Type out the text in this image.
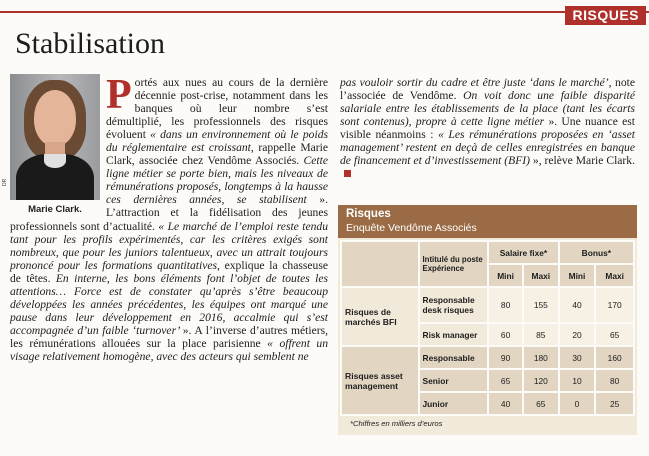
RISQUES
Stabilisation
DR
Marie Clark.

Portés aux nues au cours de la dernière décennie post-crise, notamment dans les banques où leur nombre s’est démultiplié, les professionnels des risques évoluent « dans un environnement où le poids du réglementaire est croissant, rappelle Marie Clark, associée chez Vendôme Associés. Cette ligne métier se porte bien, mais les niveaux de rémunérations proposés, longtemps à la hausse ces dernières années, se stabilisent ». L’attraction et la fidélisation des jeunes professionnels sont d’actualité. « Le marché de l’emploi reste tendu tant pour les profils expérimentés, car les critères exigés sont nombreux, que pour les juniors talentueux, avec un attrait toujours prononcé pour les formations quantitatives, explique la chasseuse de têtes. En interne, les bons éléments font l’objet de toutes les attentions… Force est de constater qu’après s’être beaucoup développées les années précédentes, les équipes ont marqué une pause dans leur développement en 2016, accalmie qui s’est accompagnée d’un faible ‘turnover’ ». A l’inverse d’autres métiers, les rémunérations allouées sur la place parisienne « offrent un visage relativement homogène, avec des acteurs qui semblent ne

pas vouloir sortir du cadre et être juste ‘dans le marché’, note l’associée de Vendôme. On voit donc une faible disparité salariale entre les établissements de la place (tant les écarts sont contenus), propre à cette ligne métier ». Une nuance est visible néanmoins : « Les rémunérations proposées en ‘asset management’ restent en deçà de celles enregistrées en banque de financement et d’investissement (BFI) », relève Marie Clark.

Risques
Enquête Vendôme Associés
	Intitulé du poste Expérience	Salaire fixe*		Bonus*	
		Mini	Maxi	Mini	Maxi
Risques de marchés BFI	Responsable desk risques	80	155	40	170
	Risk manager	60	85	20	65
Risques asset management	Responsable	90	180	30	160
	Senior	65	120	10	80
	Junior	40	65	0	25
*Chiffres en milliers d’euros
